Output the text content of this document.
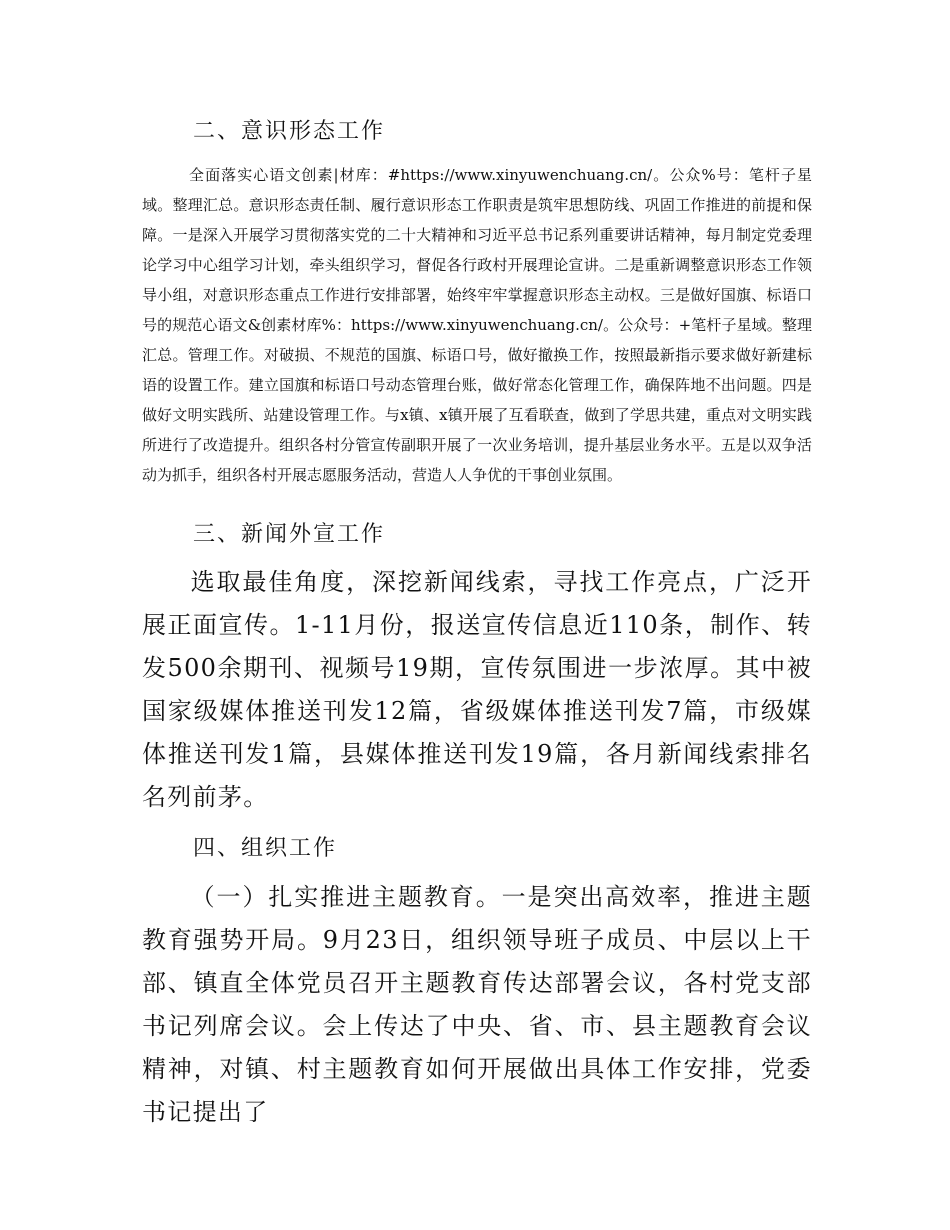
二、意识形态工作

全面落实心语文创素|材库：#https://www.xinyuwenchuang.cn/。公众%号：笔杆子星域。整理汇总。意识形态责任制、履行意识形态工作职责是筑牢思想防线、巩固工作推进的前提和保障。一是深入开展学习贯彻落实党的二十大精神和习近平总书记系列重要讲话精神，每月制定党委理论学习中心组学习计划，牵头组织学习，督促各行政村开展理论宣讲。二是重新调整意识形态工作领导小组，对意识形态重点工作进行安排部署，始终牢牢掌握意识形态主动权。三是做好国旗、标语口号的规范心语文&创素材库%：https://www.xinyuwenchuang.cn/。公众号：+笔杆子星域。整理汇总。管理工作。对破损、不规范的国旗、标语口号，做好撤换工作，按照最新指示要求做好新建标语的设置工作。建立国旗和标语口号动态管理台账，做好常态化管理工作，确保阵地不出问题。四是做好文明实践所、站建设管理工作。与x镇、x镇开展了互看联查，做到了学思共建，重点对文明实践所进行了改造提升。组织各村分管宣传副职开展了一次业务培训，提升基层业务水平。五是以双争活动为抓手，组织各村开展志愿服务活动，营造人人争优的干事创业氛围。

三、新闻外宣工作

选取最佳角度，深挖新闻线索，寻找工作亮点，广泛开展正面宣传。1-11月份，报送宣传信息近110条，制作、转发500余期刊、视频号19期，宣传氛围进一步浓厚。其中被国家级媒体推送刊发12篇，省级媒体推送刊发7篇，市级媒体推送刊发1篇，县媒体推送刊发19篇，各月新闻线索排名名列前茅。

四、组织工作

（一）扎实推进主题教育。一是突出高效率，推进主题教育强势开局。9月23日，组织领导班子成员、中层以上干部、镇直全体党员召开主题教育传达部署会议，各村党支部书记列席会议。会上传达了中央、省、市、县主题教育会议精神，对镇、村主题教育如何开展做出具体工作安排，党委书记提出了
